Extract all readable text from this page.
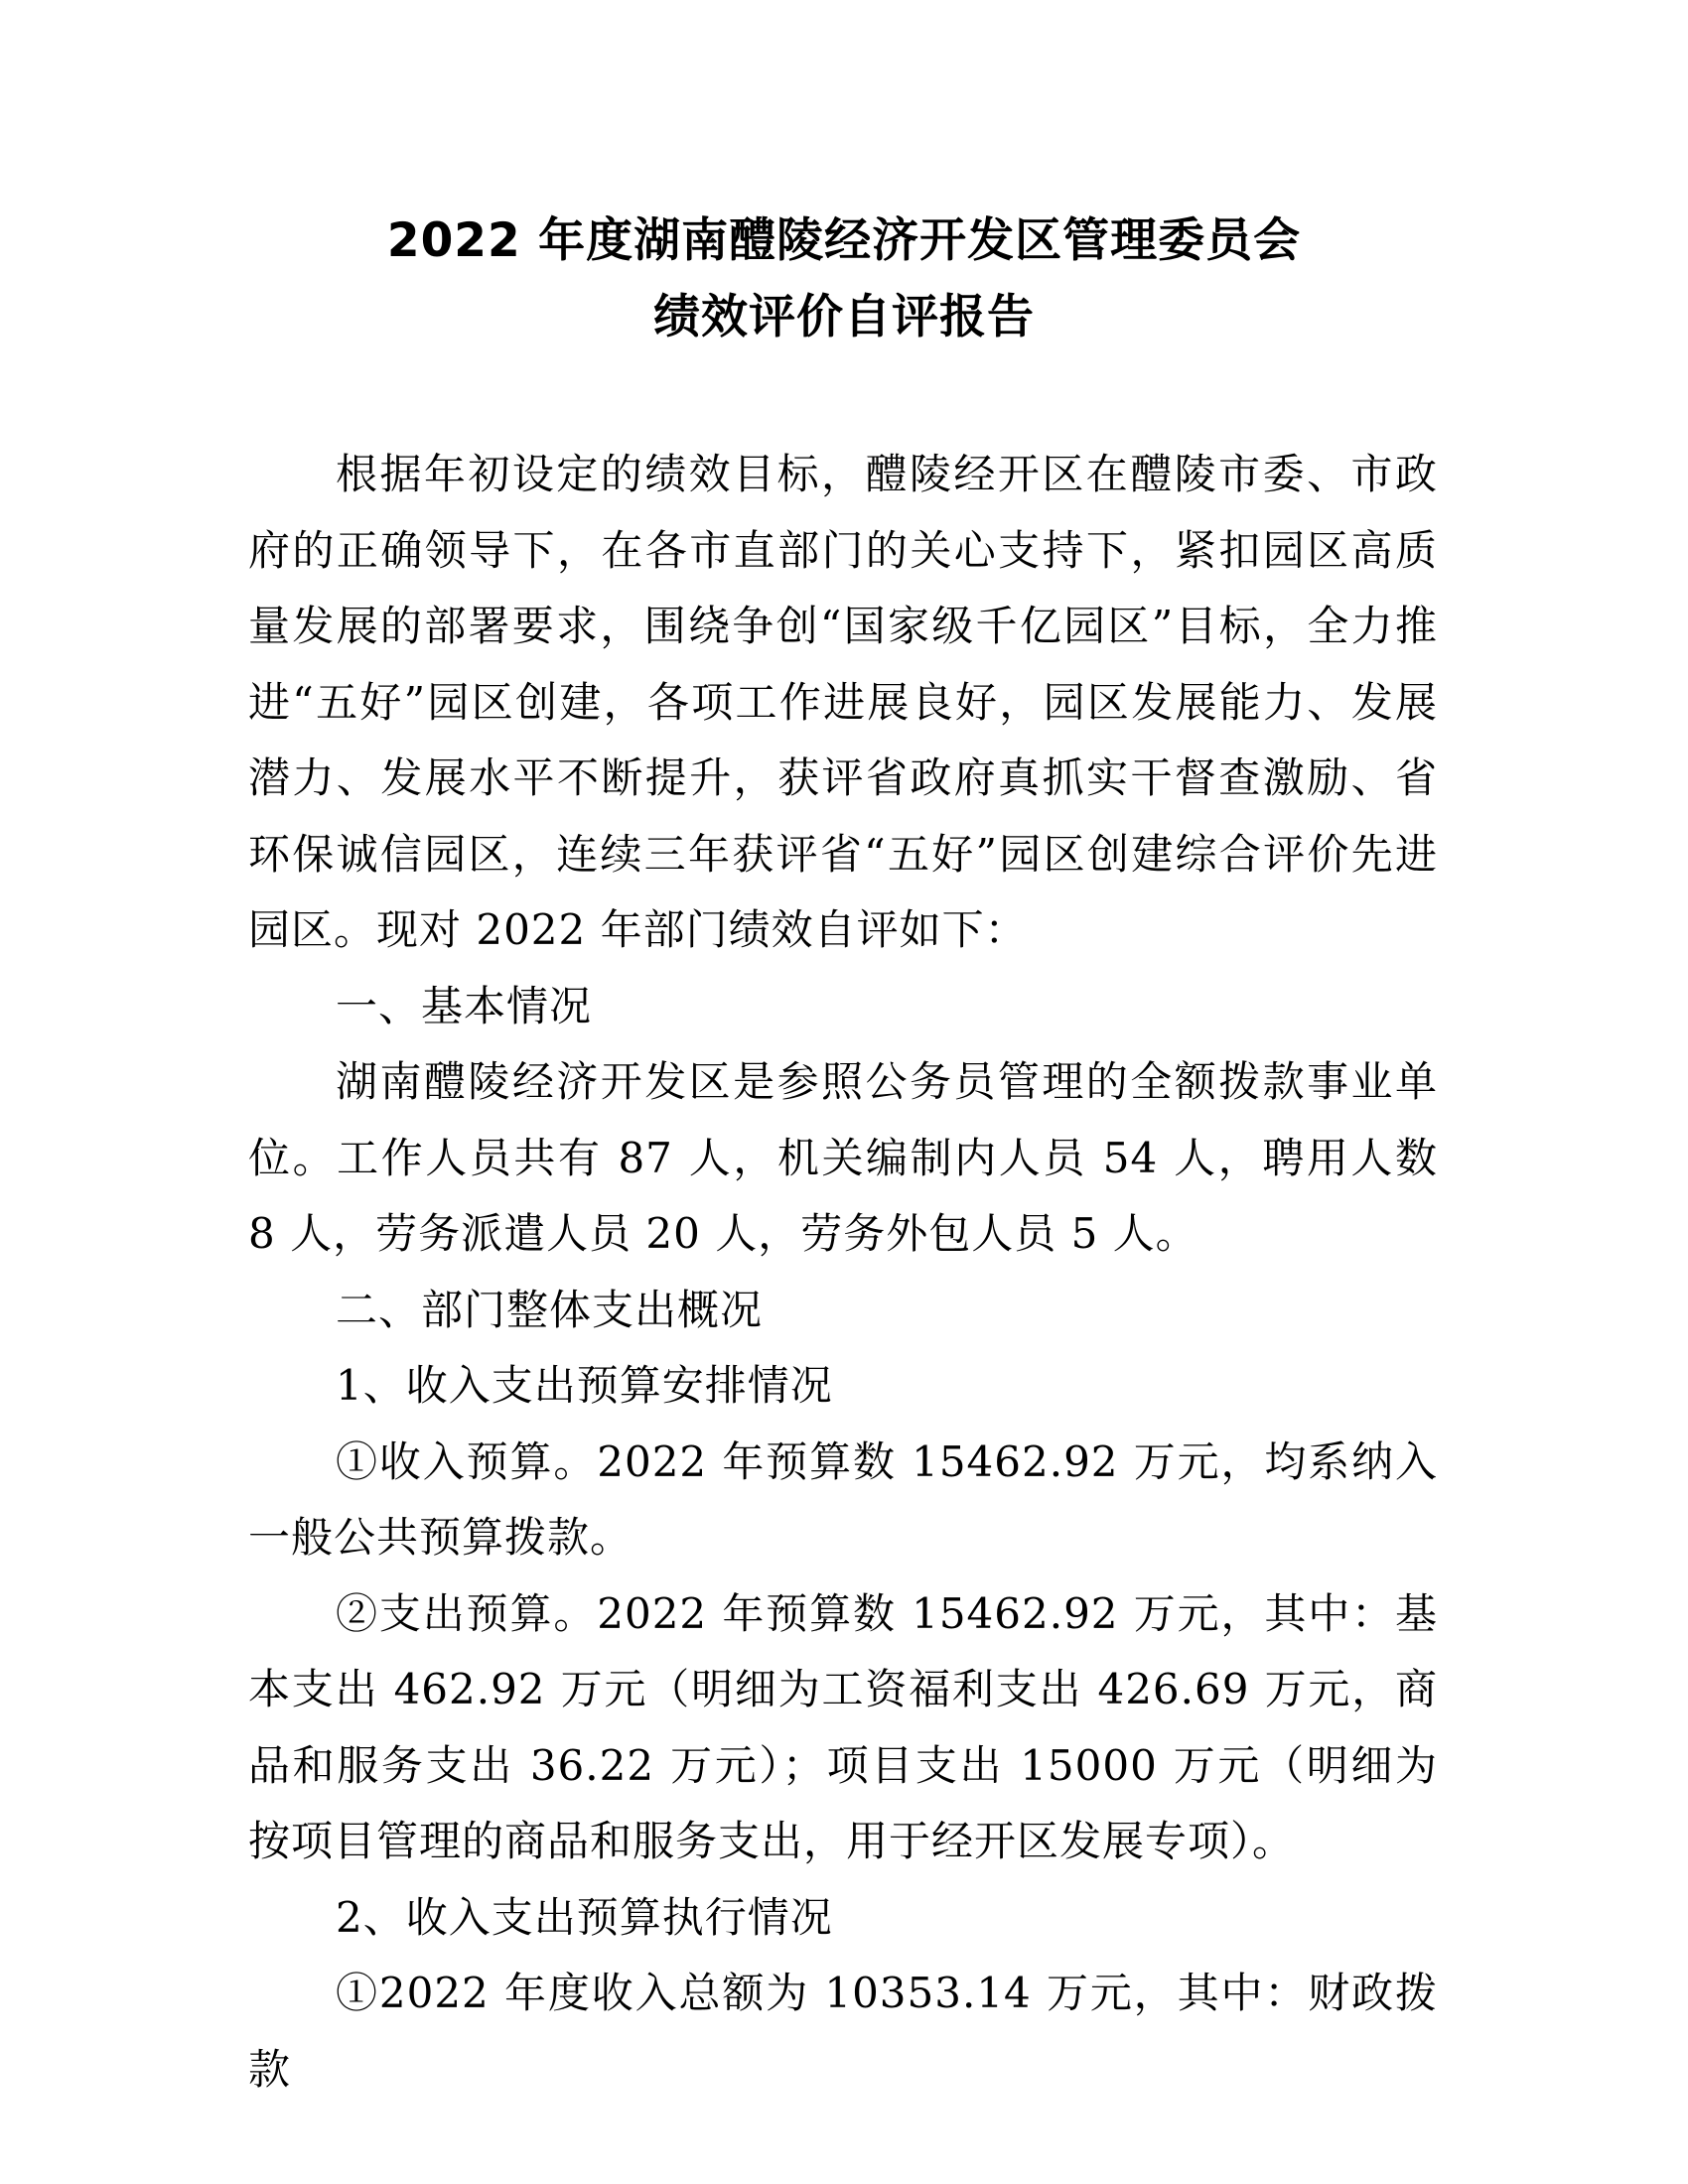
2022 年度湖南醴陵经济开发区管理委员会
绩效评价自评报告

根据年初设定的绩效目标，醴陵经开区在醴陵市委、市政府的正确领导下，在各市直部门的关心支持下，紧扣园区高质量发展的部署要求，围绕争创“国家级千亿园区”目标，全力推进“五好”园区创建，各项工作进展良好，园区发展能力、发展潜力、发展水平不断提升，获评省政府真抓实干督查激励、省环保诚信园区，连续三年获评省“五好”园区创建综合评价先进园区。现对 2022 年部门绩效自评如下：

一、基本情况

湖南醴陵经济开发区是参照公务员管理的全额拨款事业单位。工作人员共有 87 人，机关编制内人员 54 人，聘用人数 8 人，劳务派遣人员 20 人，劳务外包人员 5 人。

二、部门整体支出概况

1、收入支出预算安排情况

①收入预算。2022 年预算数 15462.92 万元，均系纳入一般公共预算拨款。

②支出预算。2022 年预算数 15462.92 万元，其中：基本支出 462.92 万元（明细为工资福利支出 426.69 万元，商品和服务支出 36.22 万元）；项目支出 15000 万元（明细为按项目管理的商品和服务支出，用于经开区发展专项）。

2、收入支出预算执行情况

①2022 年度收入总额为 10353.14 万元，其中：财政拨款
